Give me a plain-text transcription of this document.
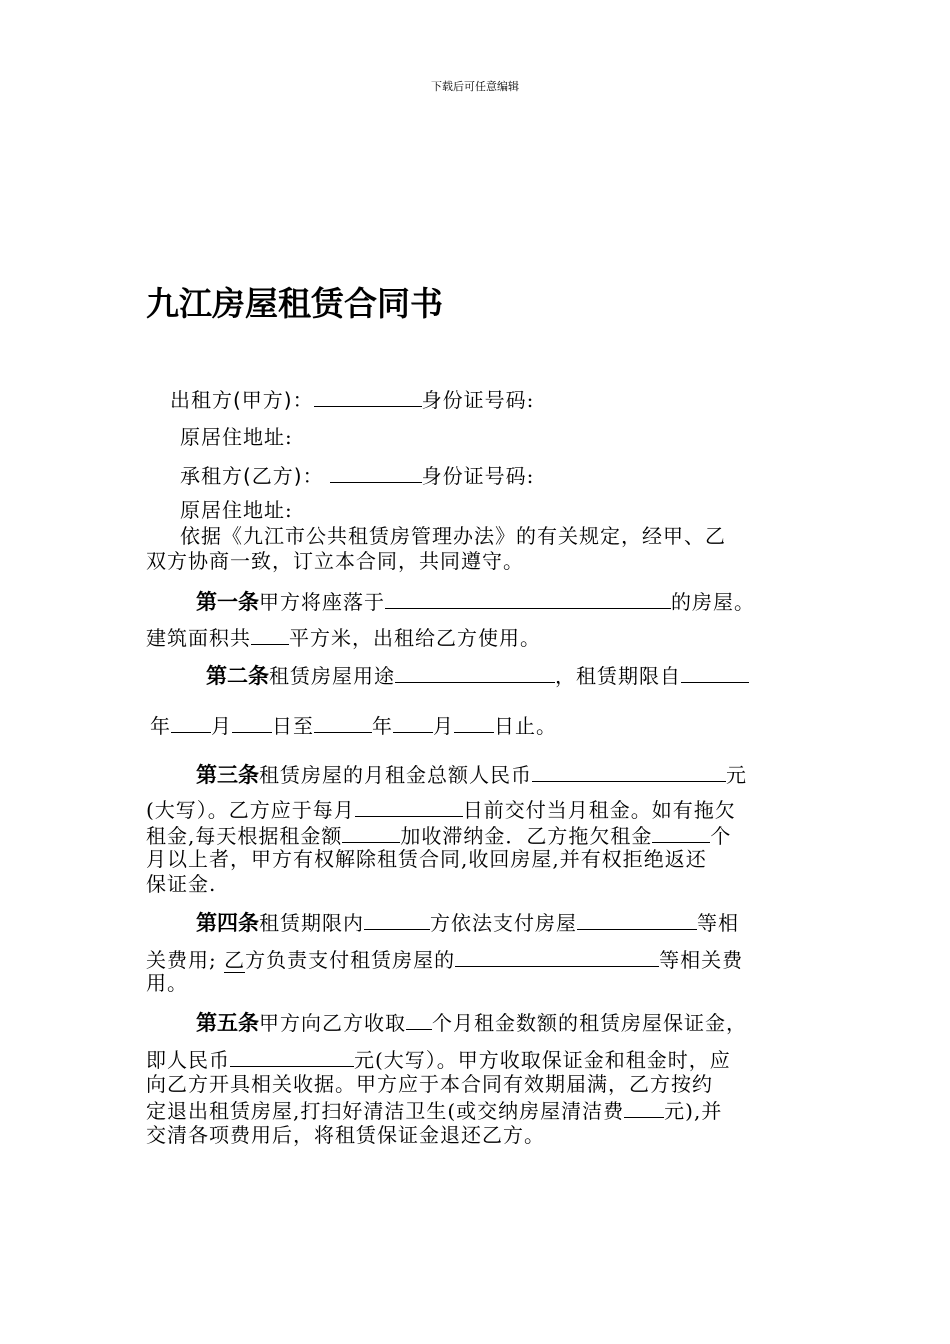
下载后可任意编辑
九江房屋租赁合同书
出租方(甲方)：	身份证号码:
原居住地址:
承租方(乙方)：	身份证号码:
原居住地址:
依据《九江市公共租赁房管理办法》的有关规定，经甲、乙
双方协商一致，订立本合同，共同遵守。
第一条甲方将座落于	的房屋。
建筑面积共 平方米，出租给乙方使用。
第二条租赁房屋用途	，租赁期限自
年 月 日至	年 月 日止。
第三条租赁房屋的月租金总额人民币	元
(大写）。乙方应于每月	日前交付当月租金。如有拖欠
租金,每天根据租金额	加收滞纳金．乙方拖欠租金	个
月以上者，甲方有权解除租赁合同,收回房屋,并有权拒绝返还
保证金.
第四条租赁期限内	方依法支付房屋	等相
关费用; 乙方负责支付租赁房屋的	等相关费
用。
第五条甲方向乙方收取 个月租金数额的租赁房屋保证金，
即人民币	元(大写）。甲方收取保证金和租金时，应
向乙方开具相关收据。甲方应于本合同有效期届满，乙方按约
定退出租赁房屋,打扫好清洁卫生(或交纳房屋清洁费 元),并
交清各项费用后，将租赁保证金退还乙方。
